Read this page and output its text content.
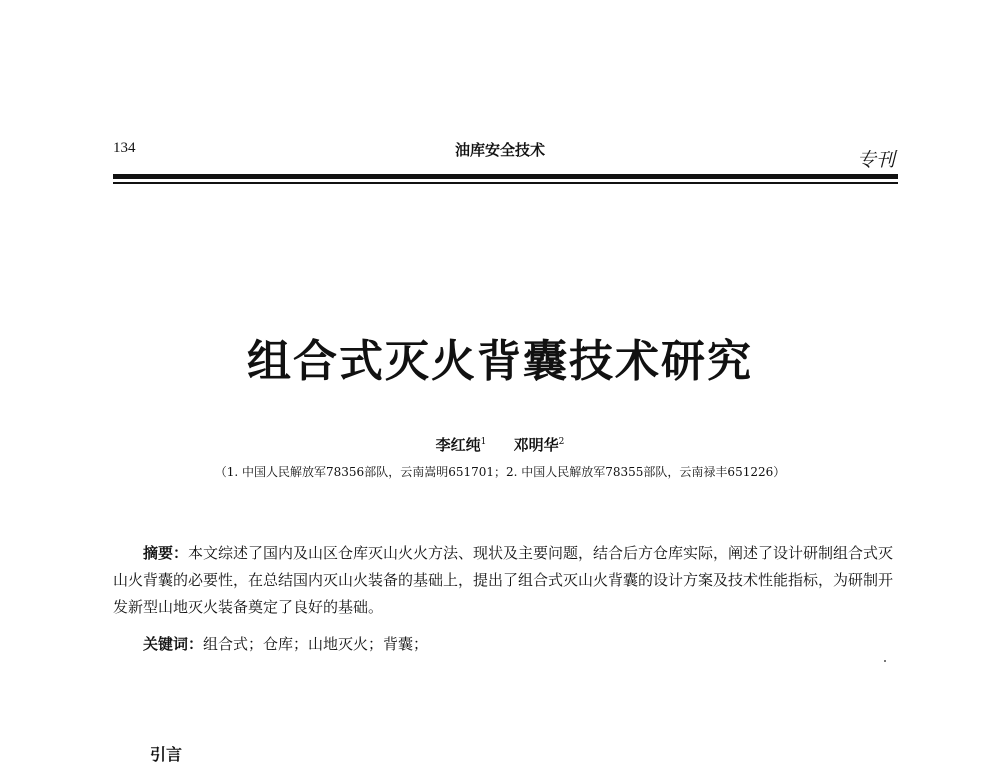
134	油库安全技术	专刊
组合式灭火背囊技术研究
李红纯$^1$ 邓明华$^2$
（1. 中国人民解放军78356部队，云南嵩明651701；2. 中国人民解放军78355部队，云南禄丰651226）
摘要：本文综述了国内及山区仓库灭山火火方法、现状及主要问题，结合后方仓库实际，阐述了设计研制组合式灭山火背囊的必要性，在总结国内灭山火装备的基础上，提出了组合式灭山火背囊的设计方案及技术性能指标，为研制开发新型山地灭火装备奠定了良好的基础。
关键词：组合式；仓库；山地灭火；背囊；
引言
